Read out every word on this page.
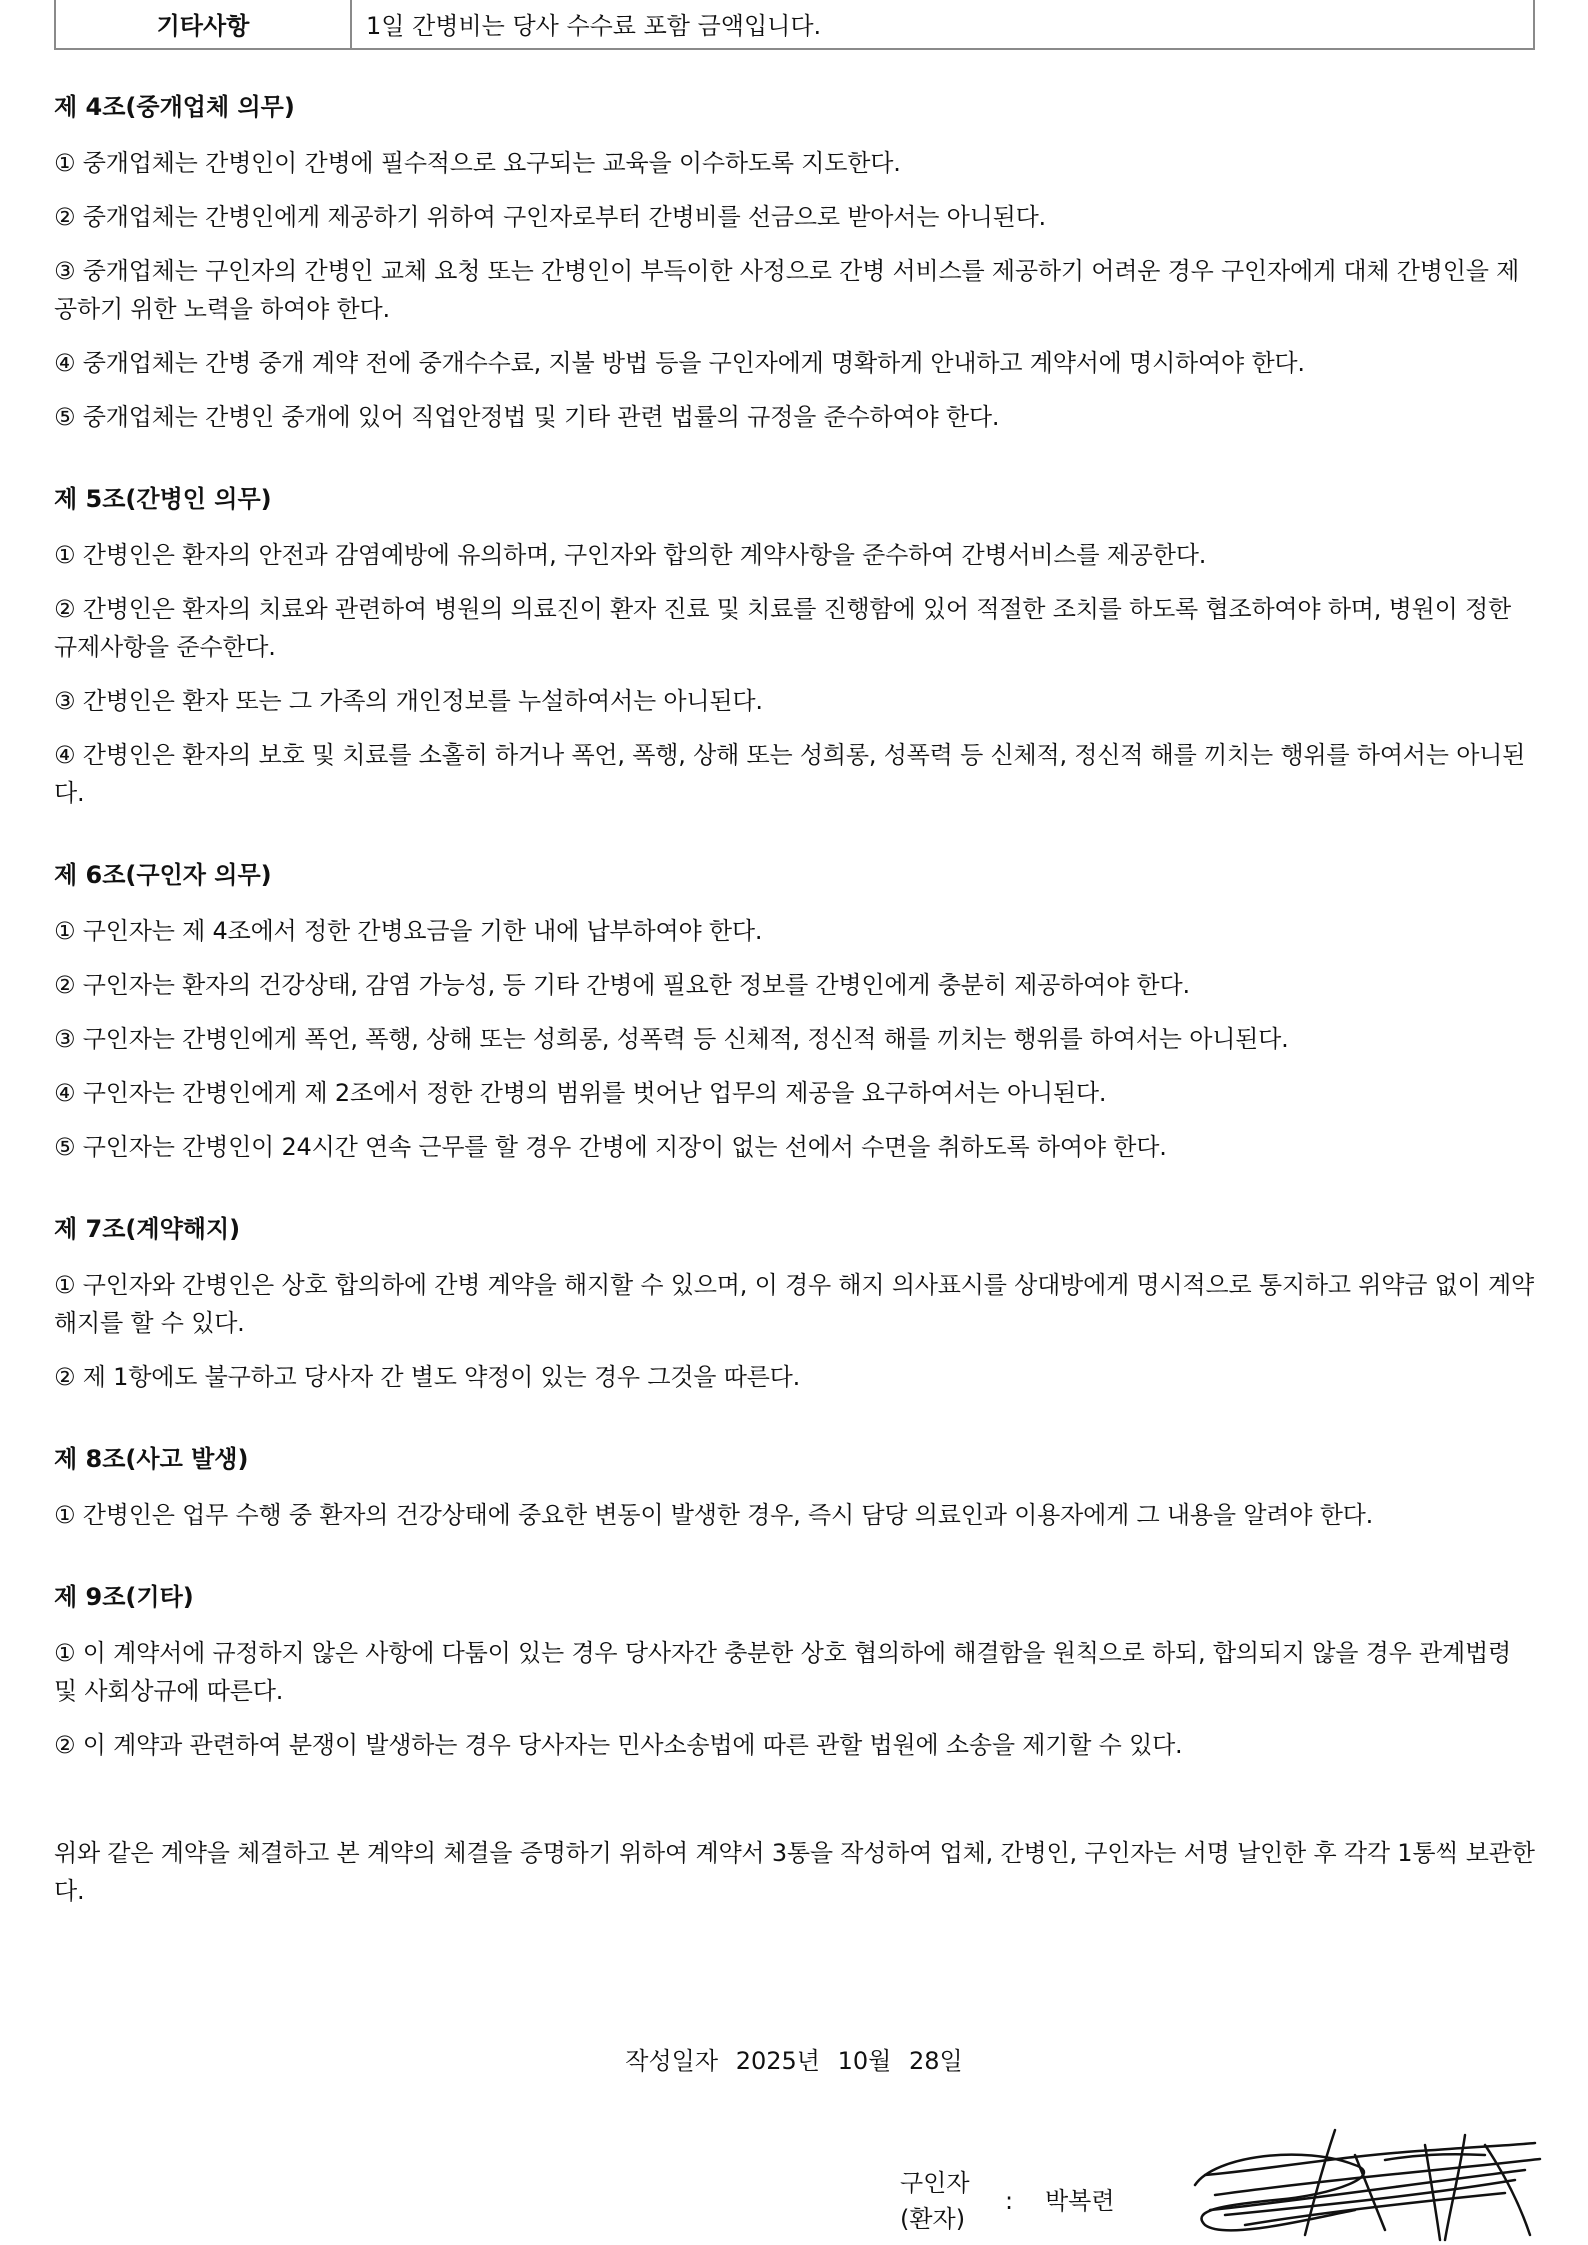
기타사항	1일 간병비는 당사 수수료 포함 금액입니다.
제 4조(중개업체 의무)
① 중개업체는 간병인이 간병에 필수적으로 요구되는 교육을 이수하도록 지도한다.
② 중개업체는 간병인에게 제공하기 위하여 구인자로부터 간병비를 선금으로 받아서는 아니된다.
③ 중개업체는 구인자의 간병인 교체 요청 또는 간병인이 부득이한 사정으로 간병 서비스를 제공하기 어려운 경우 구인자에게 대체 간병인을 제공하기 위한 노력을 하여야 한다.
④ 중개업체는 간병 중개 계약 전에 중개수수료, 지불 방법 등을 구인자에게 명확하게 안내하고 계약서에 명시하여야 한다.
⑤ 중개업체는 간병인 중개에 있어 직업안정법 및 기타 관련 법률의 규정을 준수하여야 한다.
제 5조(간병인 의무)
① 간병인은 환자의 안전과 감염예방에 유의하며, 구인자와 합의한 계약사항을 준수하여 간병서비스를 제공한다.
② 간병인은 환자의 치료와 관련하여 병원의 의료진이 환자 진료 및 치료를 진행함에 있어 적절한 조치를 하도록 협조하여야 하며, 병원이 정한 규제사항을 준수한다.
③ 간병인은 환자 또는 그 가족의 개인정보를 누설하여서는 아니된다.
④ 간병인은 환자의 보호 및 치료를 소홀히 하거나 폭언, 폭행, 상해 또는 성희롱, 성폭력 등 신체적, 정신적 해를 끼치는 행위를 하여서는 아니된다.
제 6조(구인자 의무)
① 구인자는 제 4조에서 정한 간병요금을 기한 내에 납부하여야 한다.
② 구인자는 환자의 건강상태, 감염 가능성, 등 기타 간병에 필요한 정보를 간병인에게 충분히 제공하여야 한다.
③ 구인자는 간병인에게 폭언, 폭행, 상해 또는 성희롱, 성폭력 등 신체적, 정신적 해를 끼치는 행위를 하여서는 아니된다.
④ 구인자는 간병인에게 제 2조에서 정한 간병의 범위를 벗어난 업무의 제공을 요구하여서는 아니된다.
⑤ 구인자는 간병인이 24시간 연속 근무를 할 경우 간병에 지장이 없는 선에서 수면을 취하도록 하여야 한다.
제 7조(계약해지)
① 구인자와 간병인은 상호 합의하에 간병 계약을 해지할 수 있으며, 이 경우 해지 의사표시를 상대방에게 명시적으로 통지하고 위약금 없이 계약해지를 할 수 있다.
② 제 1항에도 불구하고 당사자 간 별도 약정이 있는 경우 그것을 따른다.
제 8조(사고 발생)
① 간병인은 업무 수행 중 환자의 건강상태에 중요한 변동이 발생한 경우, 즉시 담당 의료인과 이용자에게 그 내용을 알려야 한다.
제 9조(기타)
① 이 계약서에 규정하지 않은 사항에 다툼이 있는 경우 당사자간 충분한 상호 협의하에 해결함을 원칙으로 하되, 합의되지 않을 경우 관계법령 및 사회상규에 따른다.
② 이 계약과 관련하여 분쟁이 발생하는 경우 당사자는 민사소송법에 따른 관할 법원에 소송을 제기할 수 있다.
위와 같은 계약을 체결하고 본 계약의 체결을 증명하기 위하여 계약서 3통을 작성하여 업체, 간병인, 구인자는 서명 날인한 후 각각 1통씩 보관한다.
작성일자 2025년 10월 28일
구인자
(환자)
: 박복련
